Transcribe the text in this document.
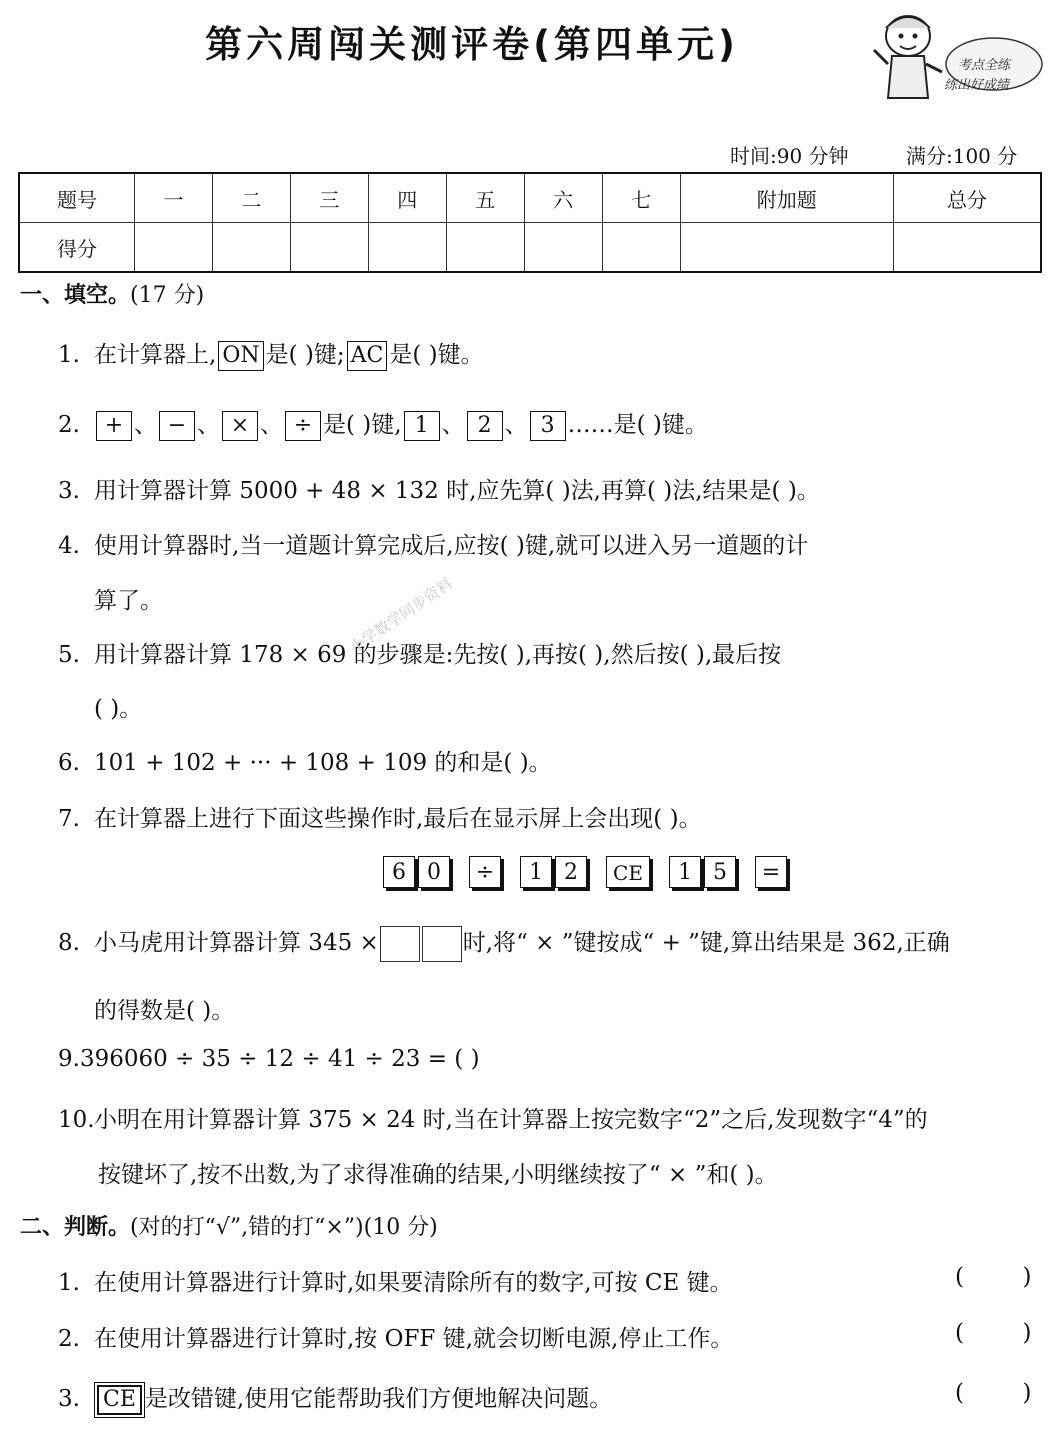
第六周闯关测评卷(第四单元)	考点全练
练出好成绩
时间:90 分钟	满分:100 分
题号	一	二	三	四	五	六	七	附加题	总分
得分									
一、填空。(17 分)
1. 在计算器上, ON 是( )键; AC 是( )键。
2. + 、 − 、 × 、 ÷ 是( )键, 1 、 2 、 3 ……是( )键。
3. 用计算器计算 5000 + 48 × 132 时,应先算( )法,再算( )法,结果是( )。
4. 使用计算器时,当一道题计算完成后,应按( )键,就可以进入另一道题的计
算了。
5. 用计算器计算 178 × 69 的步骤是:先按( ),再按( ),然后按( ),最后按
( )。
小学数学同步资料
6. 101 + 102 + ··· + 108 + 109 的和是( )。
7. 在计算器上进行下面这些操作时,最后在显示屏上会出现( )。
6 0 ÷ 1 2 CE 1 5 =
8. 小马虎用计算器计算 345 ×	时,将“ × ”键按成“ + ”键,算出结果是 362,正确
的得数是( )。
9.396060 ÷ 35 ÷ 12 ÷ 41 ÷ 23 = ( )
10.小明在用计算器计算 375 × 24 时,当在计算器上按完数字“2”之后,发现数字“4”的
按键坏了,按不出数,为了求得准确的结果,小明继续按了“ × ”和( )。
二、判断。(对的打“√”,错的打“×”)(10 分)
1. 在使用计算器进行计算时,如果要清除所有的数字,可按 CE 键。	(        )
2. 在使用计算器进行计算时,按 OFF 键,就会切断电源,停止工作。	(        )
3. CE 是改错键,使用它能帮助我们方便地解决问题。	(        )
